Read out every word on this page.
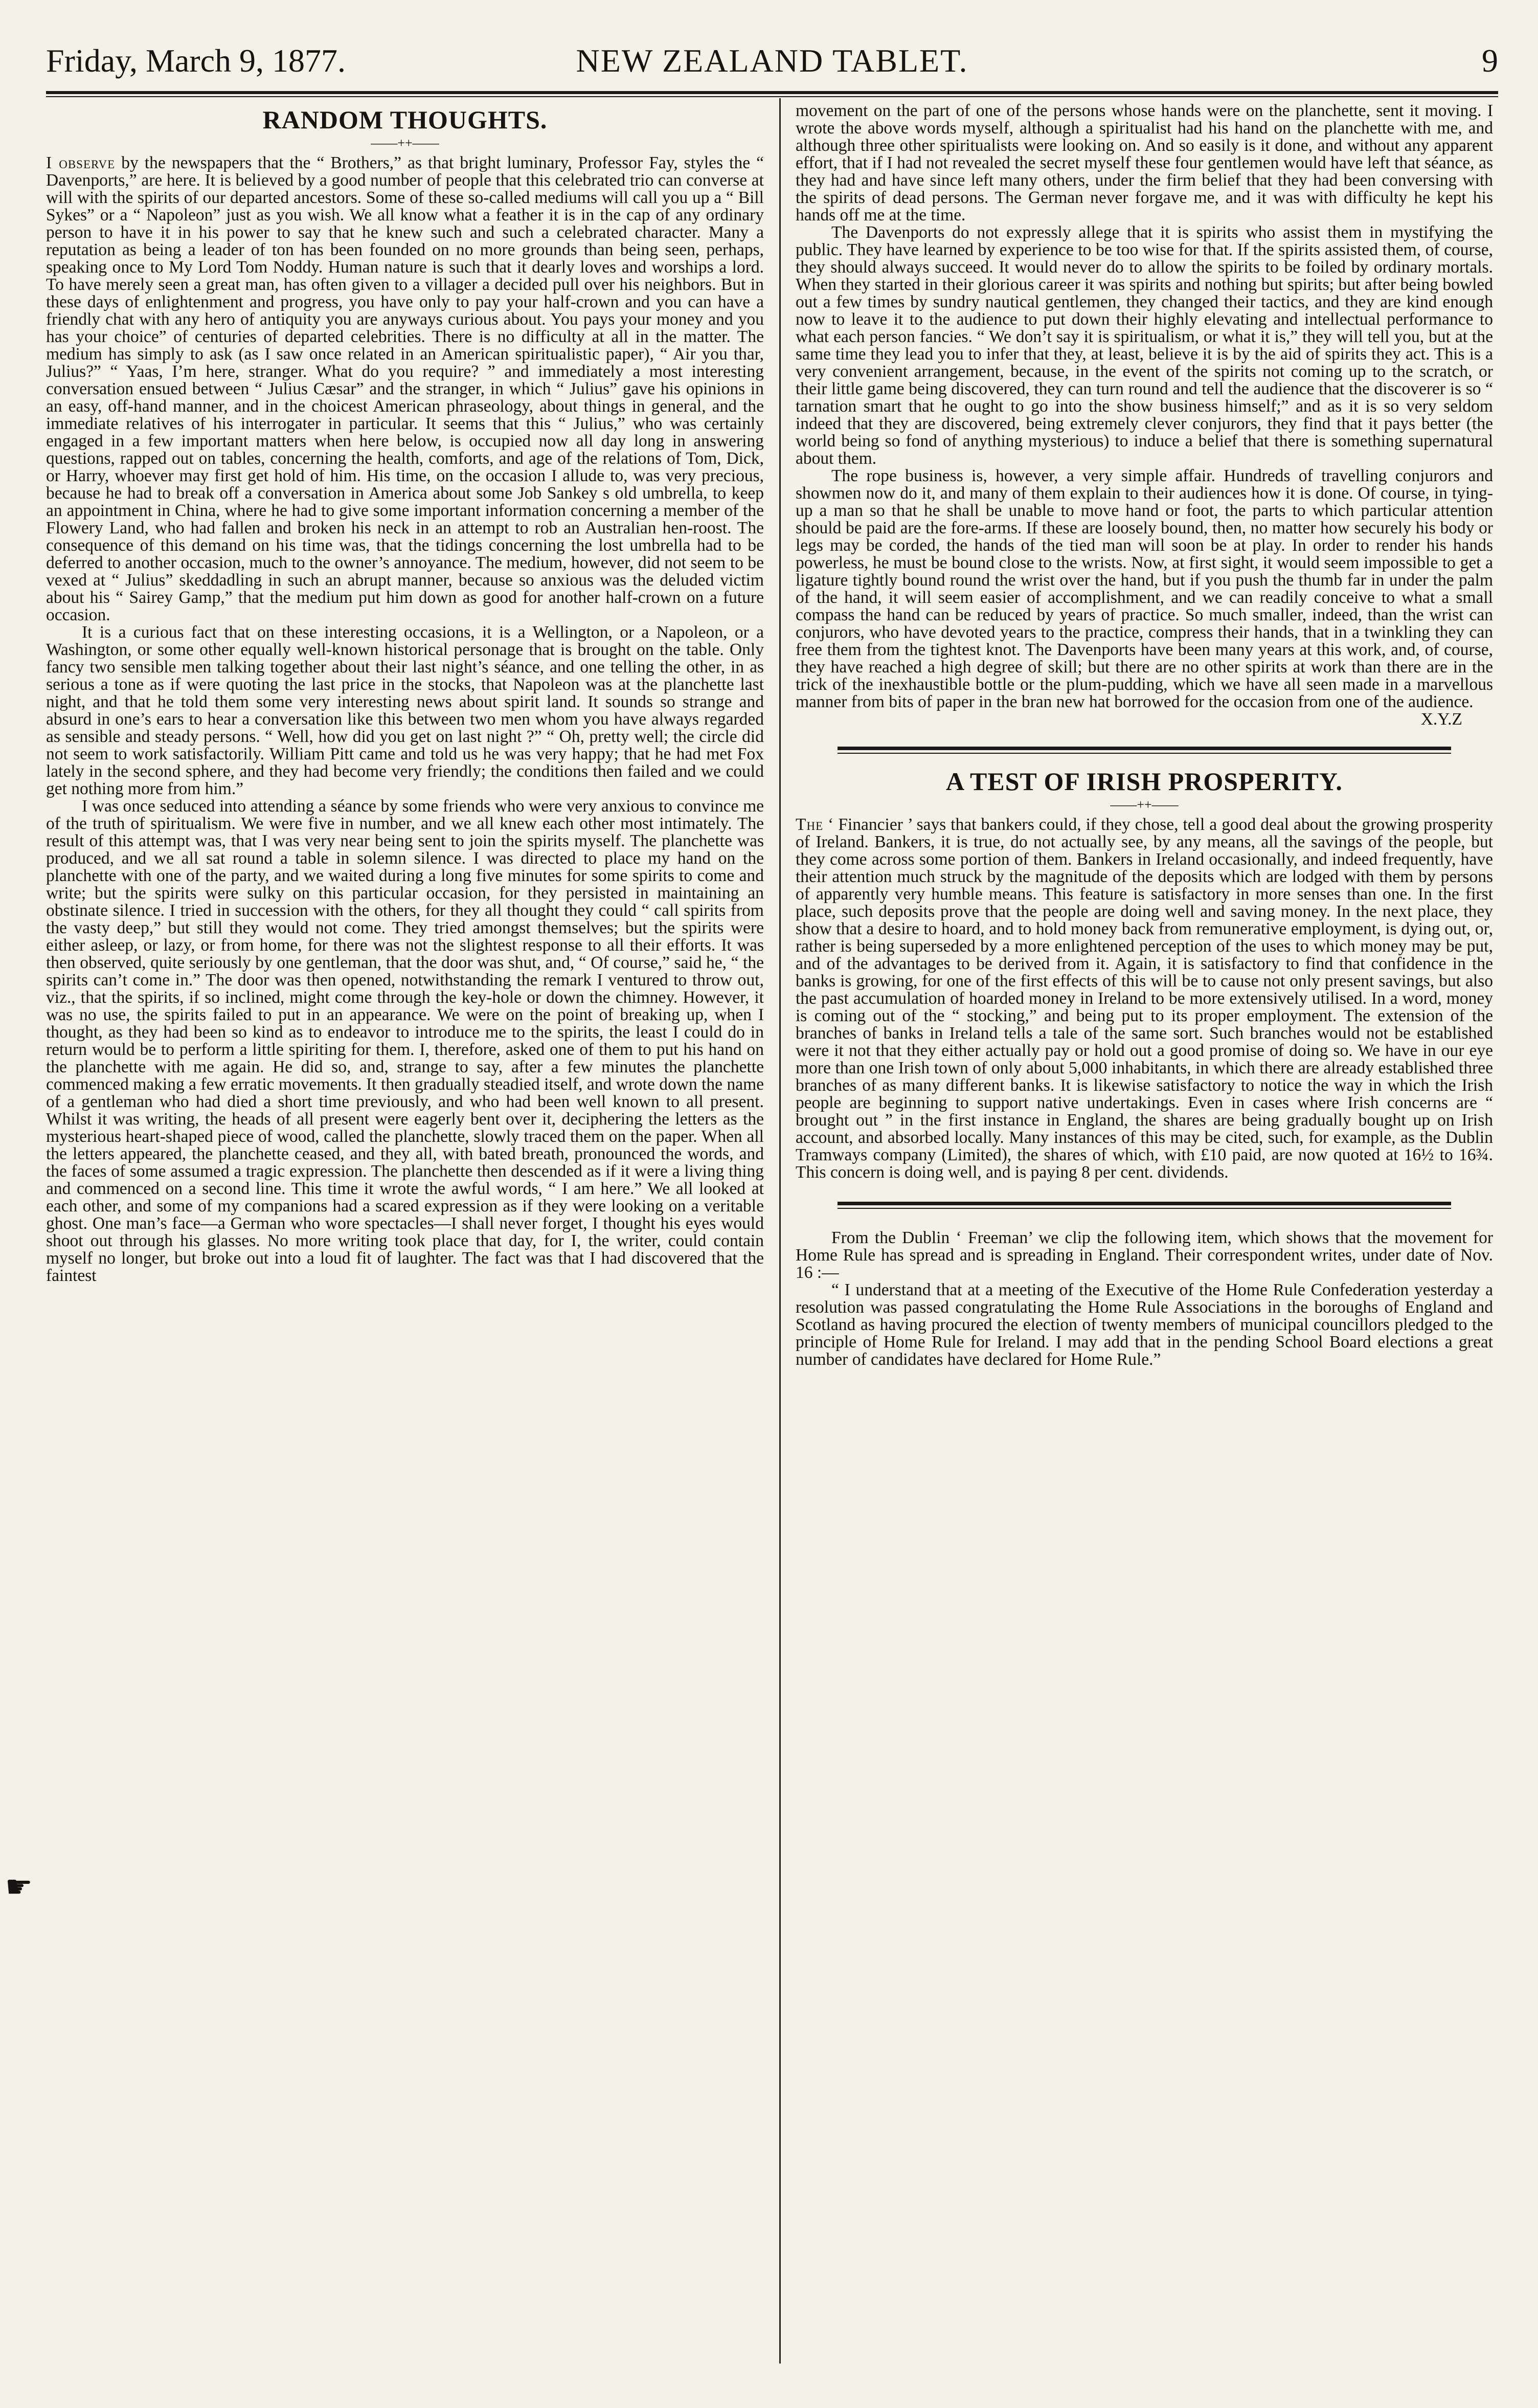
Friday, March 9, 1877.	NEW ZEALAND TABLET.	9
☛
RANDOM THOUGHTS.
——++——

I observe by the newspapers that the “ Brothers,” as that bright luminary, Professor Fay, styles the “ Davenports,” are here. It is believed by a good number of people that this celebrated trio can converse at will with the spirits of our departed ancestors. Some of these so-called mediums will call you up a “ Bill Sykes” or a “ Napoleon” just as you wish. We all know what a feather it is in the cap of any ordinary person to have it in his power to say that he knew such and such a celebrated character. Many a reputation as being a leader of ton has been founded on no more grounds than being seen, perhaps, speaking once to My Lord Tom Noddy. Human nature is such that it dearly loves and worships a lord. To have merely seen a great man, has often given to a villager a decided pull over his neighbors. But in these days of enlightenment and progress, you have only to pay your half-crown and you can have a friendly chat with any hero of antiquity you are anyways curious about. You pays your money and you has your choice” of centuries of departed celebrities. There is no difficulty at all in the matter. The medium has simply to ask (as I saw once related in an American spiritualistic paper), “ Air you thar, Julius?” “ Yaas, I’m here, stranger. What do you require? ” and immediately a most interesting conversation ensued between “ Julius Cæsar” and the stranger, in which “ Julius” gave his opinions in an easy, off-hand manner, and in the choicest American phraseology, about things in general, and the immediate relatives of his interrogater in particular. It seems that this “ Julius,” who was certainly engaged in a few important matters when here below, is occupied now all day long in answering questions, rapped out on tables, concerning the health, comforts, and age of the relations of Tom, Dick, or Harry, whoever may first get hold of him. His time, on the occasion I allude to, was very precious, because he had to break off a conversation in America about some Job Sankey s old umbrella, to keep an appointment in China, where he had to give some important information concerning a member of the Flowery Land, who had fallen and broken his neck in an attempt to rob an Australian hen-roost. The consequence of this demand on his time was, that the tidings concerning the lost umbrella had to be deferred to another occasion, much to the owner’s annoyance. The medium, however, did not seem to be vexed at “ Julius” skeddadling in such an abrupt manner, because so anxious was the deluded victim about his “ Sairey Gamp,” that the medium put him down as good for another half-crown on a future occasion.

It is a curious fact that on these interesting occasions, it is a Wellington, or a Napoleon, or a Washington, or some other equally well-known historical personage that is brought on the table. Only fancy two sensible men talking together about their last night’s séance, and one telling the other, in as serious a tone as if were quoting the last price in the stocks, that Napoleon was at the planchette last night, and that he told them some very interesting news about spirit land. It sounds so strange and absurd in one’s ears to hear a conversation like this between two men whom you have always regarded as sensible and steady persons. “ Well, how did you get on last night ?” “ Oh, pretty well; the circle did not seem to work satisfactorily. William Pitt came and told us he was very happy; that he had met Fox lately in the second sphere, and they had become very friendly; the conditions then failed and we could get nothing more from him.”

I was once seduced into attending a séance by some friends who were very anxious to convince me of the truth of spiritualism. We were five in number, and we all knew each other most intimately. The result of this attempt was, that I was very near being sent to join the spirits myself. The planchette was produced, and we all sat round a table in solemn silence. I was directed to place my hand on the planchette with one of the party, and we waited during a long five minutes for some spirits to come and write; but the spirits were sulky on this particular occasion, for they persisted in maintaining an obstinate silence. I tried in succession with the others, for they all thought they could “ call spirits from the vasty deep,” but still they would not come. They tried amongst themselves; but the spirits were either asleep, or lazy, or from home, for there was not the slightest response to all their efforts. It was then observed, quite seriously by one gentleman, that the door was shut, and, “ Of course,” said he, “ the spirits can’t come in.” The door was then opened, notwithstanding the remark I ventured to throw out, viz., that the spirits, if so inclined, might come through the key-hole or down the chimney. However, it was no use, the spirits failed to put in an appearance. We were on the point of breaking up, when I thought, as they had been so kind as to endeavor to introduce me to the spirits, the least I could do in return would be to perform a little spiriting for them. I, therefore, asked one of them to put his hand on the planchette with me again. He did so, and, strange to say, after a few minutes the planchette commenced making a few erratic movements. It then gradually steadied itself, and wrote down the name of a gentleman who had died a short time previously, and who had been well known to all present. Whilst it was writing, the heads of all present were eagerly bent over it, deciphering the letters as the mysterious heart-shaped piece of wood, called the planchette, slowly traced them on the paper. When all the letters appeared, the planchette ceased, and they all, with bated breath, pronounced the words, and the faces of some assumed a tragic expression. The planchette then descended as if it were a living thing and commenced on a second line. This time it wrote the awful words, “ I am here.” We all looked at each other, and some of my companions had a scared expression as if they were looking on a veritable ghost. One man’s face—a German who wore spectacles—I shall never forget, I thought his eyes would shoot out through his glasses. No more writing took place that day, for I, the writer, could contain myself no longer, but broke out into a loud fit of laughter. The fact was that I had discovered that the faintest

movement on the part of one of the persons whose hands were on the planchette, sent it moving. I wrote the above words myself, although a spiritualist had his hand on the planchette with me, and although three other spiritualists were looking on. And so easily is it done, and without any apparent effort, that if I had not revealed the secret myself these four gentlemen would have left that séance, as they had and have since left many others, under the firm belief that they had been conversing with the spirits of dead persons. The German never forgave me, and it was with difficulty he kept his hands off me at the time.

The Davenports do not expressly allege that it is spirits who assist them in mystifying the public. They have learned by experience to be too wise for that. If the spirits assisted them, of course, they should always succeed. It would never do to allow the spirits to be foiled by ordinary mortals. When they started in their glorious career it was spirits and nothing but spirits; but after being bowled out a few times by sundry nautical gentlemen, they changed their tactics, and they are kind enough now to leave it to the audience to put down their highly elevating and intellectual performance to what each person fancies. “ We don’t say it is spiritualism, or what it is,” they will tell you, but at the same time they lead you to infer that they, at least, believe it is by the aid of spirits they act. This is a very convenient arrangement, because, in the event of the spirits not coming up to the scratch, or their little game being discovered, they can turn round and tell the audience that the discoverer is so “ tarnation smart that he ought to go into the show business himself;” and as it is so very seldom indeed that they are discovered, being extremely clever conjurors, they find that it pays better (the world being so fond of anything mysterious) to induce a belief that there is something supernatural about them.

The rope business is, however, a very simple affair. Hundreds of travelling conjurors and showmen now do it, and many of them explain to their audiences how it is done. Of course, in tying-up a man so that he shall be unable to move hand or foot, the parts to which particular attention should be paid are the fore-arms. If these are loosely bound, then, no matter how securely his body or legs may be corded, the hands of the tied man will soon be at play. In order to render his hands powerless, he must be bound close to the wrists. Now, at first sight, it would seem impossible to get a ligature tightly bound round the wrist over the hand, but if you push the thumb far in under the palm of the hand, it will seem easier of accomplishment, and we can readily conceive to what a small compass the hand can be reduced by years of practice. So much smaller, indeed, than the wrist can conjurors, who have devoted years to the practice, compress their hands, that in a twinkling they can free them from the tightest knot. The Davenports have been many years at this work, and, of course, they have reached a high degree of skill; but there are no other spirits at work than there are in the trick of the inexhaustible bottle or the plum-pudding, which we have all seen made in a marvellous manner from bits of paper in the bran new hat borrowed for the occasion from one of the audience.

X.Y.Z
A TEST OF IRISH PROSPERITY.
——++——

The ‘ Financier ’ says that bankers could, if they chose, tell a good deal about the growing prosperity of Ireland. Bankers, it is true, do not actually see, by any means, all the savings of the people, but they come across some portion of them. Bankers in Ireland occasionally, and indeed frequently, have their attention much struck by the magnitude of the deposits which are lodged with them by persons of apparently very humble means. This feature is satisfactory in more senses than one. In the first place, such deposits prove that the people are doing well and saving money. In the next place, they show that a desire to hoard, and to hold money back from remunerative employment, is dying out, or, rather is being superseded by a more enlightened perception of the uses to which money may be put, and of the advantages to be derived from it. Again, it is satisfactory to find that confidence in the banks is growing, for one of the first effects of this will be to cause not only present savings, but also the past accumulation of hoarded money in Ireland to be more extensively utilised. In a word, money is coming out of the “ stocking,” and being put to its proper employment. The extension of the branches of banks in Ireland tells a tale of the same sort. Such branches would not be established were it not that they either actually pay or hold out a good promise of doing so. We have in our eye more than one Irish town of only about 5,000 inhabitants, in which there are already established three branches of as many different banks. It is likewise satisfactory to notice the way in which the Irish people are beginning to support native undertakings. Even in cases where Irish concerns are “ brought out ” in the first instance in England, the shares are being gradually bought up on Irish account, and absorbed locally. Many instances of this may be cited, such, for example, as the Dublin Tramways company (Limited), the shares of which, with £10 paid, are now quoted at 16½ to 16¾. This concern is doing well, and is paying 8 per cent. dividends.

From the Dublin ‘ Freeman’ we clip the following item, which shows that the movement for Home Rule has spread and is spreading in England. Their correspondent writes, under date of Nov. 16 :—

“ I understand that at a meeting of the Executive of the Home Rule Confederation yesterday a resolution was passed congratulating the Home Rule Associations in the boroughs of England and Scotland as having procured the election of twenty members of municipal councillors pledged to the principle of Home Rule for Ireland. I may add that in the pending School Board elections a great number of candidates have declared for Home Rule.”
